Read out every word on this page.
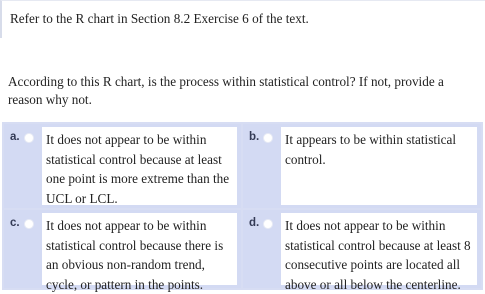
Refer to the R chart in Section 8.2 Exercise 6 of the text.

According to this R chart, is the process within statistical control? If not, provide a

reason why not.

a.	It does not appear to be within statistical control because at least one point is more extreme than the UCL or LCL.
b.	It appears to be within statistical control.
c.	It does not appear to be within statistical control because there is an obvious non-random trend, cycle, or pattern in the points.
d.	It does not appear to be within statistical control because at least 8 consecutive points are located all above or all below the centerline.
